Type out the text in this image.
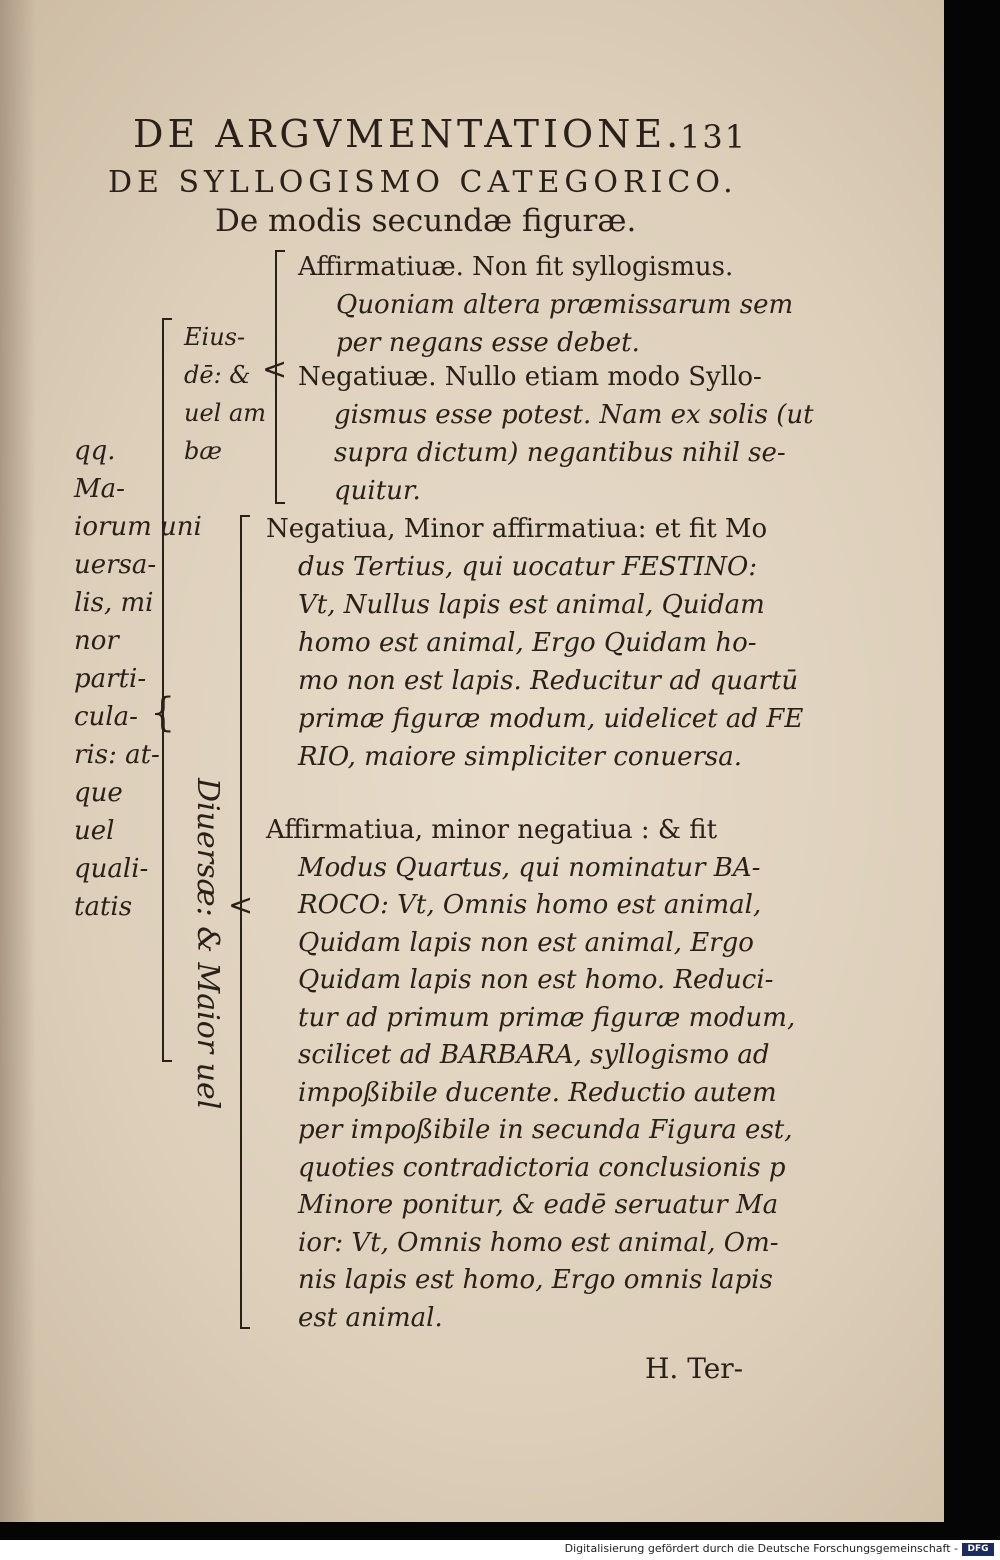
DE ARGVMENTATIONE.
131
DE SYLLOGISMO CATEGORICO.
De modis secundæ figuræ.
{
<
<
qq.
Ma-
iorum uni
uersa-
lis, mi
nor
parti-
cula-
ris: at-
que
uel
quali-
tatis
Eius-
dē: &
uel am
bæ
Diuersæ: & Maior uel
Affirmatiuæ. Non fit syllogismus.
Quoniam altera præmissarum sem
per negans esse debet.
Negatiuæ. Nullo etiam modo Syllo-
gismus esse potest. Nam ex solis (ut
supra dictum) negantibus nihil se-
quitur.
Negatiua, Minor affirmatiua: et fit Mo
dus Tertius, qui uocatur FESTINO:
Vt, Nullus lapis est animal, Quidam
homo est animal, Ergo Quidam ho-
mo non est lapis. Reducitur ad quartū
primæ figuræ modum, uidelicet ad FE
RIO, maiore simpliciter conuersa.
Affirmatiua, minor negatiua : & fit
Modus Quartus, qui nominatur BA-
ROCO: Vt, Omnis homo est animal,
Quidam lapis non est animal, Ergo
Quidam lapis non est homo. Reduci-
tur ad primum primæ figuræ modum,
scilicet ad BARBARA, syllogismo ad
impoßibile ducente. Reductio autem
per impoßibile in secunda Figura est,
quoties contradictoria conclusionis p
Minore ponitur, & eadē seruatur Ma
ior: Vt, Omnis homo est animal, Om-
nis lapis est homo, Ergo omnis lapis
est animal.
H. Ter-
Digitalisierung gefördert durch die Deutsche Forschungsgemeinschaft -	DFG
